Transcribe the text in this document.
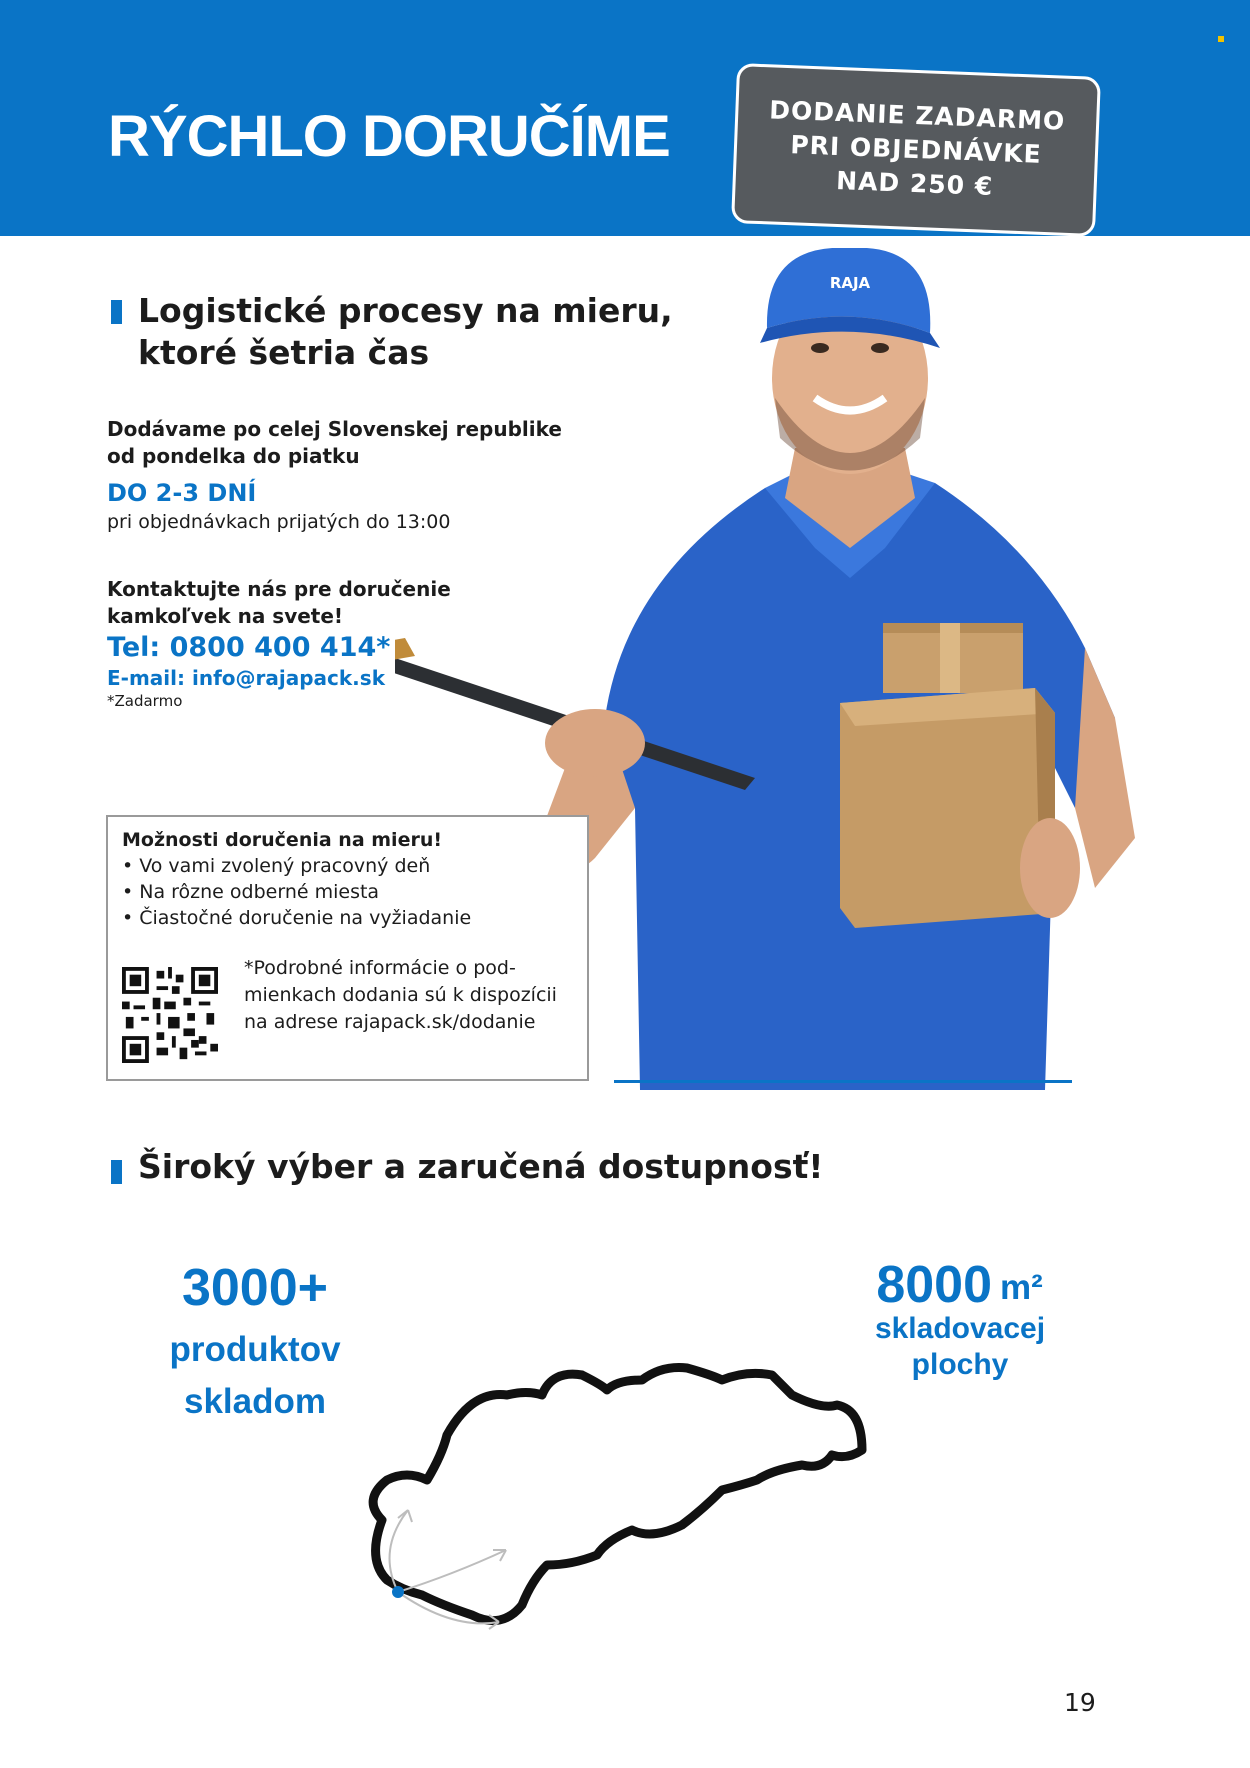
RÝCHLO DORUČÍME	DODANIE ZADARMO
PRI OBJEDNÁVKE
NAD 250 €
Logistické procesy na mieru,
ktoré šetria čas
Dodávame po celej Slovenskej republike
od pondelka do piatku
DO 2-3 DNÍ
pri objednávkach prijatých do 13:00
Kontaktujte nás pre doručenie
kamkoľvek na svete!
Tel: 0800 400 414*
E-mail: info@rajapack.sk
*Zadarmo
RAJA
Možnosti doručenia na mieru!
• Vo vami zvolený pracovný deň
• Na rôzne odberné miesta
• Čiastočné doručenie na vyžiadanie
*Podrobné informácie o pod-
mienkach dodania sú k dispozícii
na adrese rajapack.sk/dodanie
Široký výber a zaručená dostupnosť!
3000+
produktov
skladom
8000 m²
skladovacej
plochy
19
